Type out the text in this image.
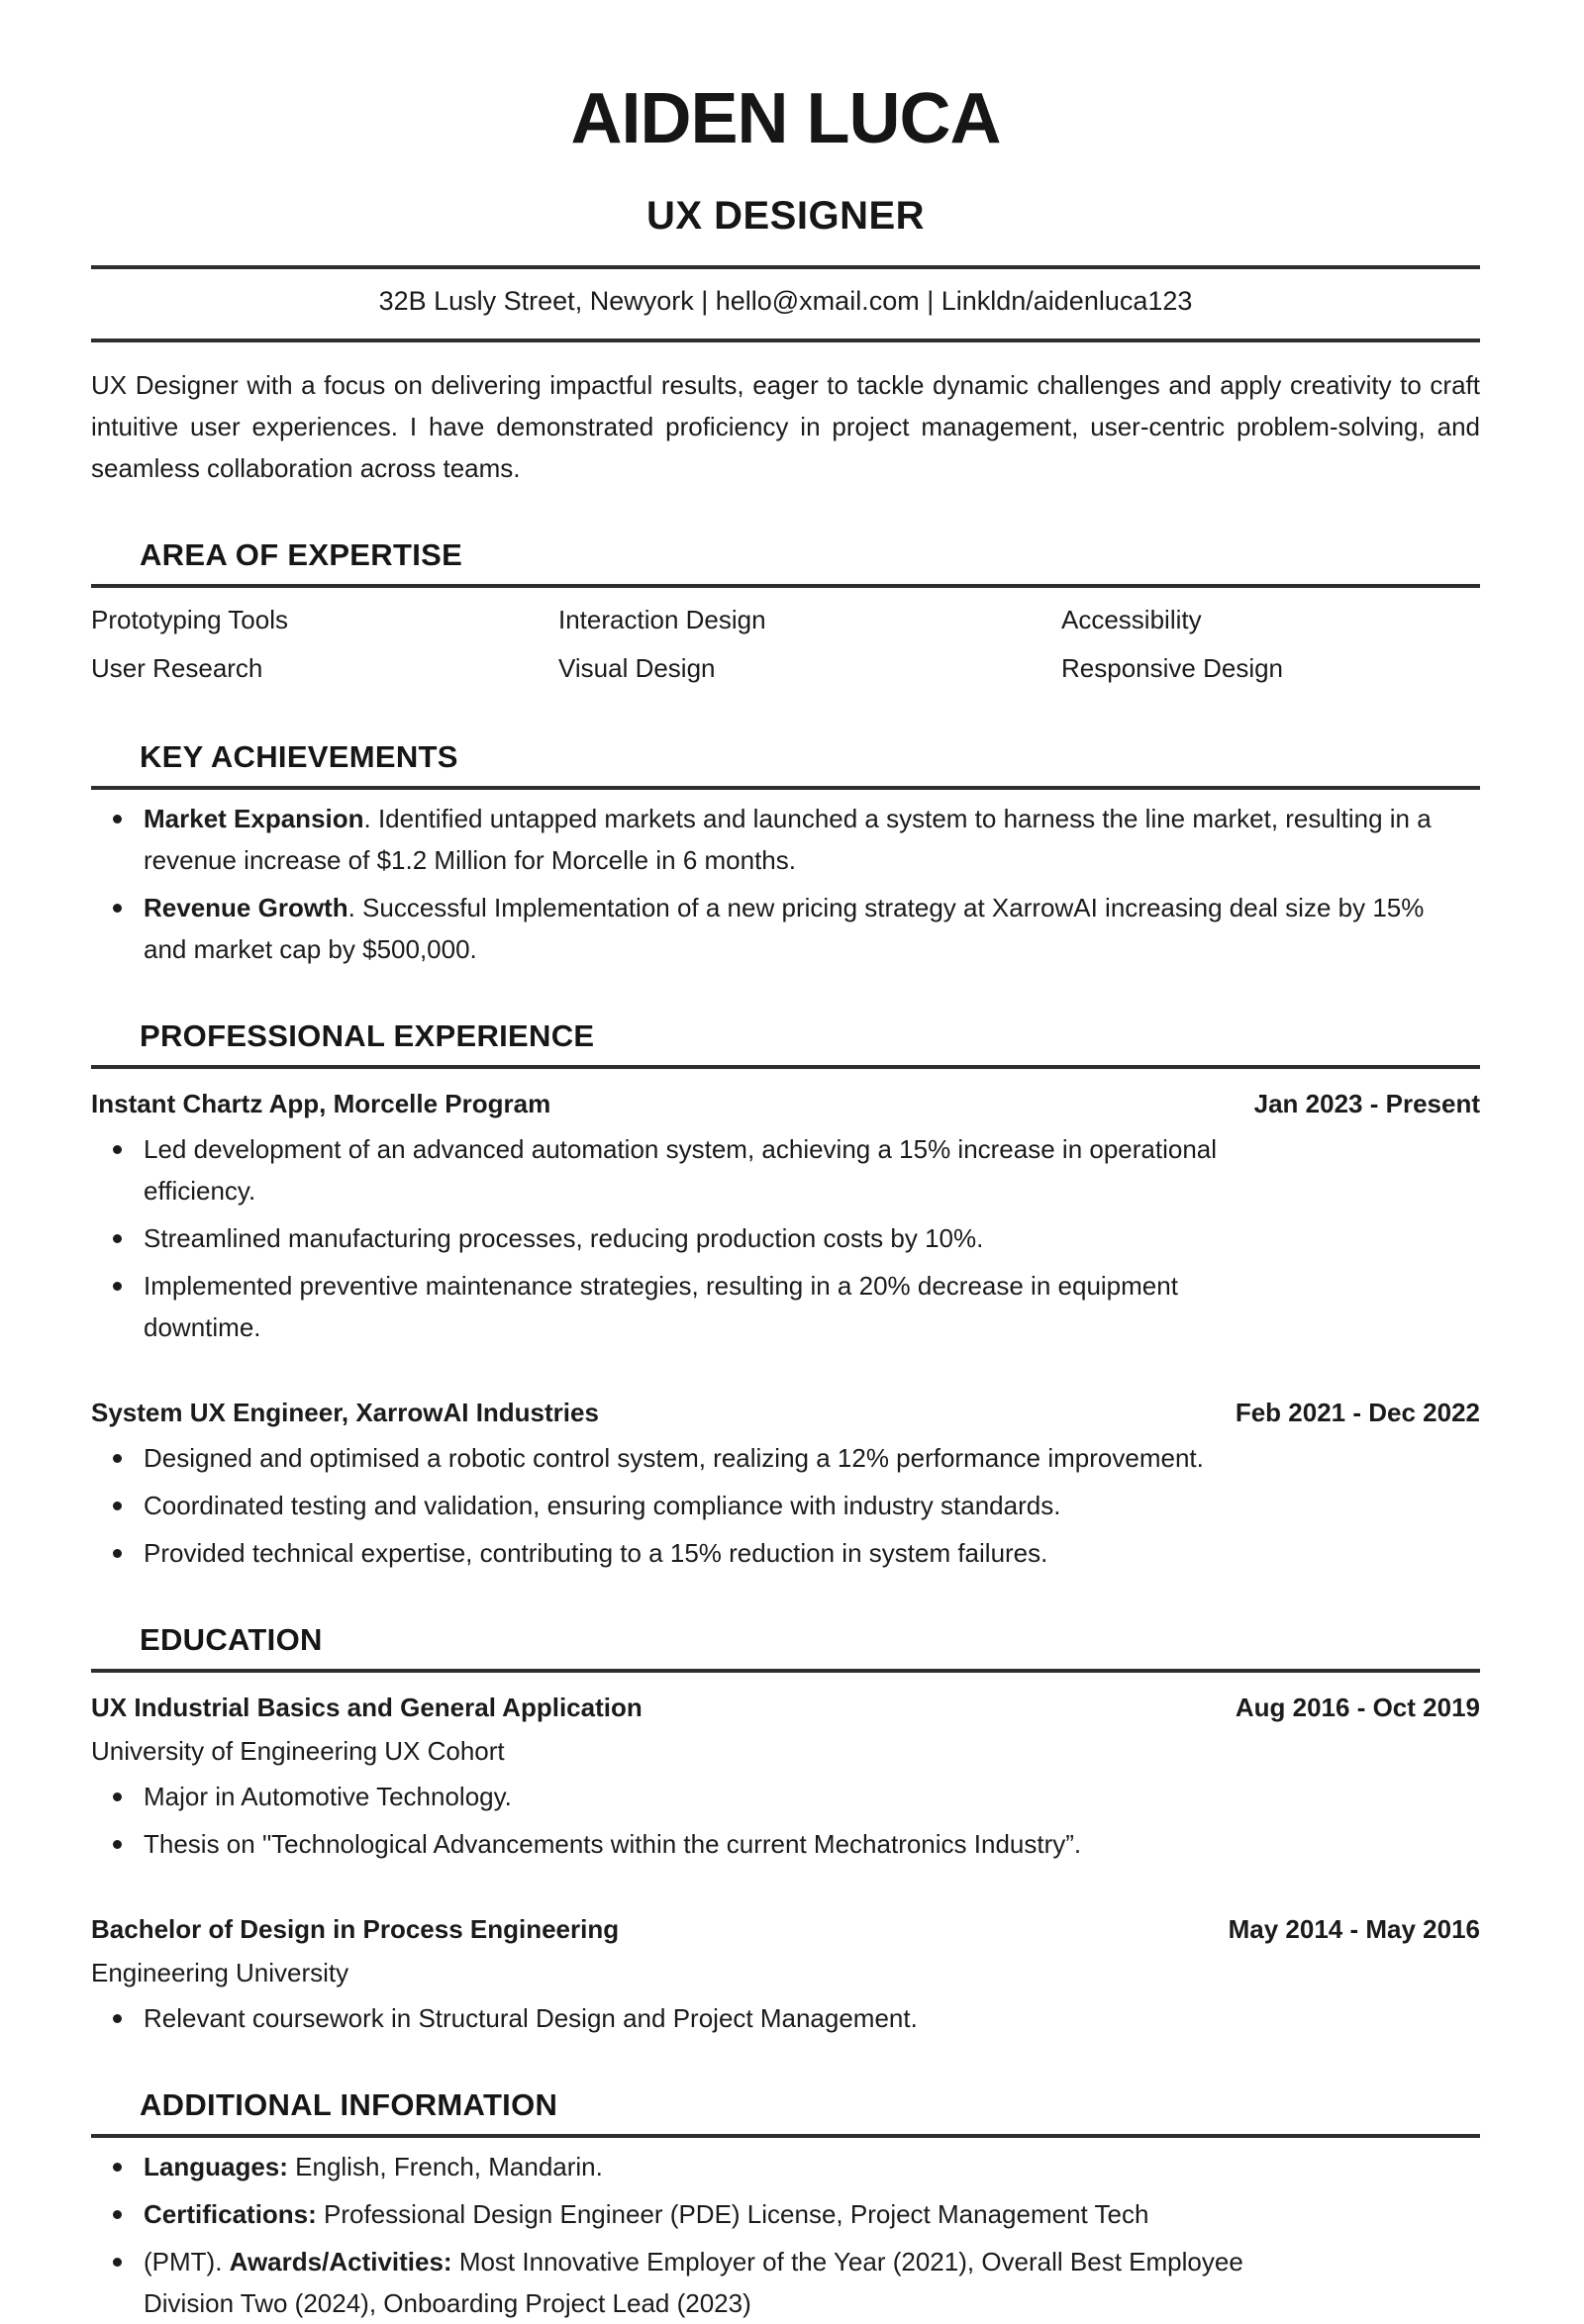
AIDEN LUCA
UX DESIGNER
32B Lusly Street, Newyork | hello@xmail.com | Linkldn/aidenluca123
UX Designer with a focus on delivering impactful results, eager to tackle dynamic challenges and apply creativity to craft intuitive user experiences. I have demonstrated proficiency in project management, user-centric problem-solving, and seamless collaboration across teams.
AREA OF EXPERTISE
Prototyping Tools	Interaction Design	Accessibility
User Research	Visual Design	Responsive Design
KEY ACHIEVEMENTS
Market Expansion. Identified untapped markets and launched a system to harness the line market, resulting in a revenue increase of $1.2 Million for Morcelle in 6 months.
Revenue Growth. Successful Implementation of a new pricing strategy at XarrowAI increasing deal size by 15% and market cap by $500,000.
PROFESSIONAL EXPERIENCE
Instant Chartz App, Morcelle Program	Jan 2023 - Present
Led development of an advanced automation system, achieving a 15% increase in operational efficiency.
Streamlined manufacturing processes, reducing production costs by 10%.
Implemented preventive maintenance strategies, resulting in a 20% decrease in equipment downtime.
System UX Engineer, XarrowAI Industries	Feb 2021 - Dec 2022
Designed and optimised a robotic control system, realizing a 12% performance improvement.
Coordinated testing and validation, ensuring compliance with industry standards.
Provided technical expertise, contributing to a 15% reduction in system failures.
EDUCATION
UX Industrial Basics and General Application	Aug 2016 - Oct 2019
University of Engineering UX Cohort
Major in Automotive Technology.
Thesis on "Technological Advancements within the current Mechatronics Industry”.
Bachelor of Design in Process Engineering	May 2014 - May 2016
Engineering University
Relevant coursework in Structural Design and Project Management.
ADDITIONAL INFORMATION
Languages: English, French, Mandarin.
Certifications: Professional Design Engineer (PDE) License, Project Management Tech
(PMT). Awards/Activities: Most Innovative Employer of the Year (2021), Overall Best Employee Division Two (2024), Onboarding Project Lead (2023)
